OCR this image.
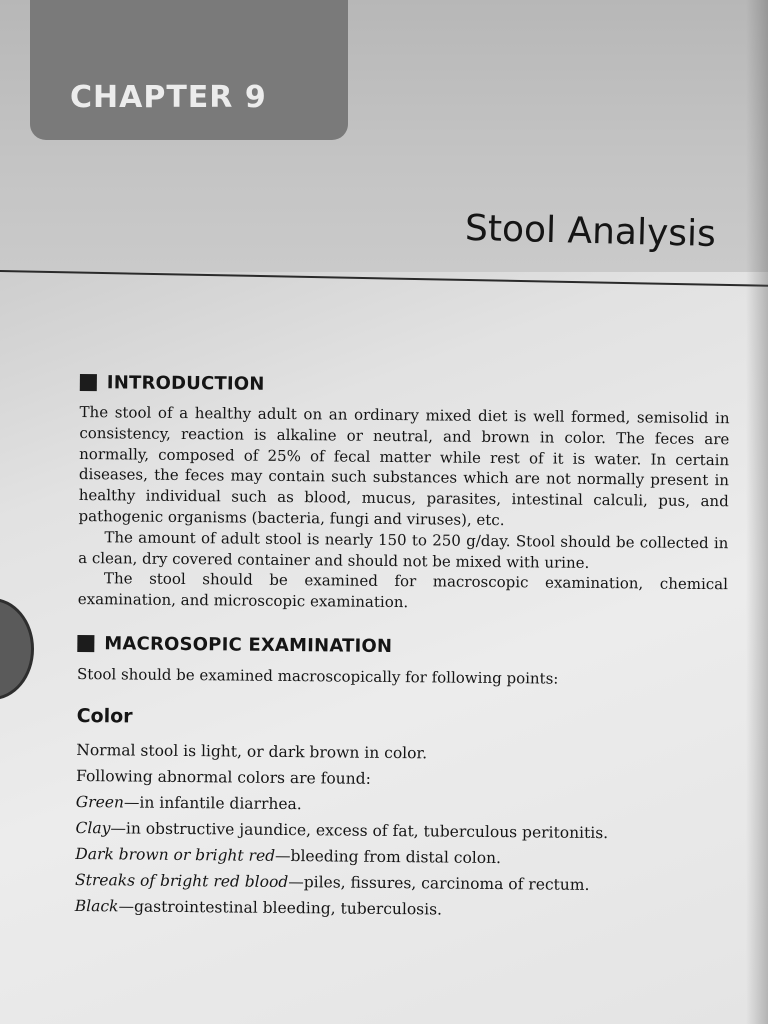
CHAPTER 9
Stool Analysis
INTRODUCTION

The stool of a healthy adult on an ordinary mixed diet is well formed, semisolid in consistency, reaction is alkaline or neutral, and brown in color. The feces are normally, composed of 25% of fecal matter while rest of it is water. In certain diseases, the feces may contain such substances which are not normally present in healthy individual such as blood, mucus, parasites, intestinal calculi, pus, and pathogenic organisms (bacteria, fungi and viruses), etc.

The amount of adult stool is nearly 150 to 250 g/day. Stool should be collected in a clean, dry covered container and should not be mixed with urine.

The stool should be examined for macroscopic examination, chemical examination, and microscopic examination.

MACROSOPIC EXAMINATION

Stool should be examined macroscopically for following points:

Color

Normal stool is light, or dark brown in color.

Following abnormal colors are found:

Green—in infantile diarrhea.

Clay—in obstructive jaundice, excess of fat, tuberculous peritonitis.

Dark brown or bright red—bleeding from distal colon.

Streaks of bright red blood—piles, fissures, carcinoma of rectum.

Black—gastrointestinal bleeding, tuberculosis.
